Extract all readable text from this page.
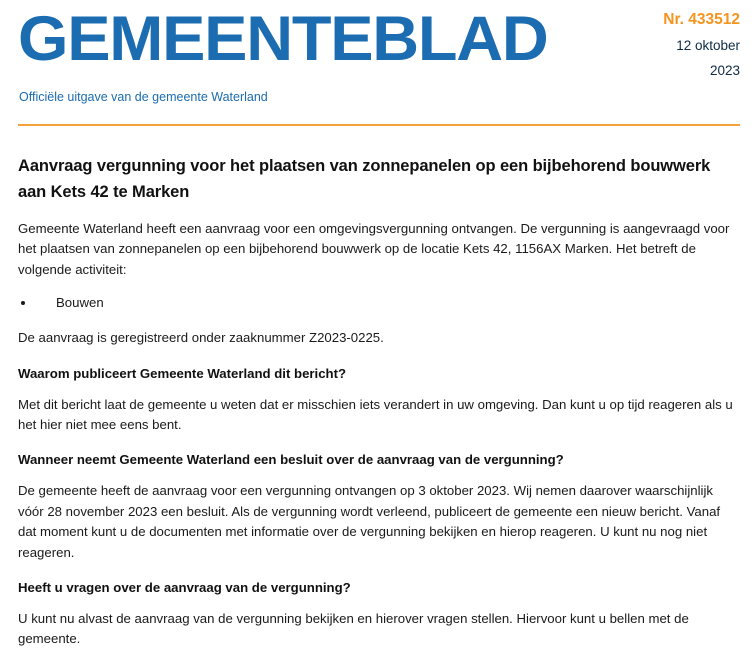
GEMEENTEBLAD
Officiële uitgave van de gemeente Waterland
Nr. 433512
12 oktober
2023
Aanvraag vergunning voor het plaatsen van zonnepanelen op een bijbehorend bouwwerk aan Kets 42 te Marken

Gemeente Waterland heeft een aanvraag voor een omgevingsvergunning ontvangen. De vergunning is aangevraagd voor het plaatsen van zonnepanelen op een bijbehorend bouwwerk op de locatie Kets 42, 1156AX Marken. Het betreft de volgende activiteit:

Bouwen

De aanvraag is geregistreerd onder zaaknummer Z2023-0225.

Waarom publiceert Gemeente Waterland dit bericht?

Met dit bericht laat de gemeente u weten dat er misschien iets verandert in uw omgeving. Dan kunt u op tijd reageren als u het hier niet mee eens bent.

Wanneer neemt Gemeente Waterland een besluit over de aanvraag van de vergunning?

De gemeente heeft de aanvraag voor een vergunning ontvangen op 3 oktober 2023. Wij nemen daarover waarschijnlijk vóór 28 november 2023 een besluit. Als de vergunning wordt verleend, publiceert de gemeente een nieuw bericht. Vanaf dat moment kunt u de documenten met informatie over de vergunning bekijken en hierop reageren. U kunt nu nog niet reageren.

Heeft u vragen over de aanvraag van de vergunning?

U kunt nu alvast de aanvraag van de vergunning bekijken en hierover vragen stellen. Hiervoor kunt u bellen met de gemeente.
